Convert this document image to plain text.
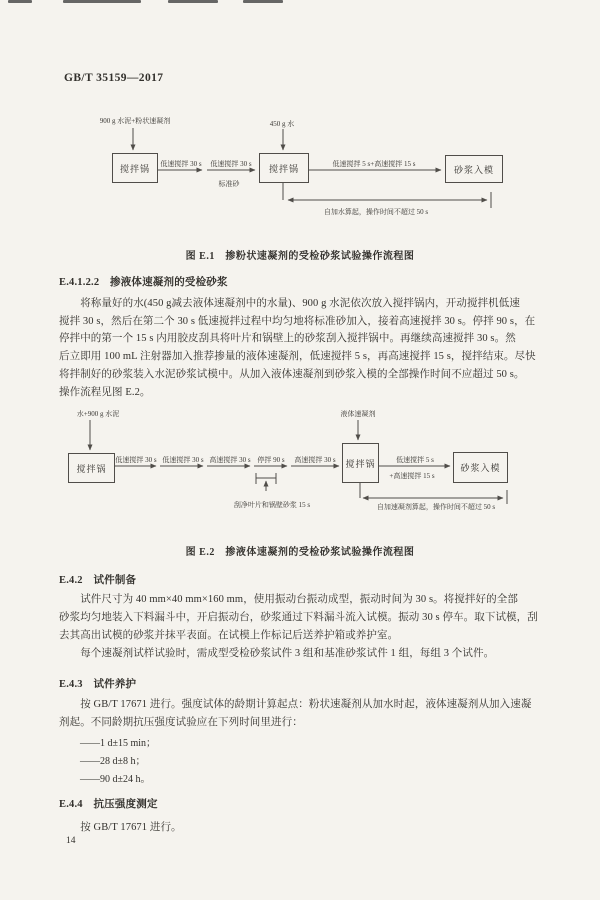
GB/T 35159—2017
900 g 水泥+粉状速凝剂	450 g 水
搅拌锅	搅拌锅	砂浆入模
低速搅拌 30 s 低速搅拌 30 s
标准砂
低速搅拌 5 s+高速搅拌 15 s
自加水算起，操作时间不超过 50 s
图 E.1　掺粉状速凝剂的受检砂浆试验操作流程图
E.4.1.2.2　掺液体速凝剂的受检砂浆
　　将称量好的水(450 g减去液体速凝剂中的水量)、900 g 水泥依次放入搅拌锅内，开动搅拌机低速
搅拌 30 s，然后在第二个 30 s 低速搅拌过程中均匀地将标准砂加入，接着高速搅拌 30 s。停拌 90 s，在
停拌中的第一个 15 s 内用胶皮刮具将叶片和锅壁上的砂浆刮入搅拌锅中。再继续高速搅拌 30 s。然
后立即用 100 mL 注射器加入推荐掺量的液体速凝剂，低速搅拌 5 s，再高速搅拌 15 s，搅拌结束。尽快
将拌制好的砂浆装入水泥砂浆试模中。从加入液体速凝剂到砂浆入模的全部操作时间不应超过 50 s。
操作流程见图 E.2。
水+900 g 水泥	液体速凝剂
搅拌锅	搅拌锅	砂浆入模
低速搅拌 30 s 低速搅拌 30 s 高速搅拌 30 s 停拌 90 s 高速搅拌 30 s	低速搅拌 5 s
+高速搅拌 15 s
刮净叶片和锅壁砂浆 15 s	自加速凝剂算起，操作时间不超过 50 s
图 E.2　掺液体速凝剂的受检砂浆试验操作流程图
E.4.2　试件制备
　　试件尺寸为 40 mm×40 mm×160 mm，使用振动台振动成型，振动时间为 30 s。将搅拌好的全部
砂浆均匀地装入下料漏斗中，开启振动台，砂浆通过下料漏斗流入试模。振动 30 s 停车。取下试模，刮
去其高出试模的砂浆并抹平表面。在试模上作标记后送养护箱或养护室。
　　每个速凝剂试样试验时，需成型受检砂浆试件 3 组和基准砂浆试件 1 组，每组 3 个试件。
E.4.3　试件养护
　　按 GB/T 17671 进行。强度试体的龄期计算起点：粉状速凝剂从加水时起，液体速凝剂从加入速凝
剂起。不同龄期抗压强度试验应在下列时间里进行：
——1 d±15 min；
——28 d±8 h；
——90 d±24 h。
E.4.4　抗压强度测定
　　按 GB/T 17671 进行。
14
